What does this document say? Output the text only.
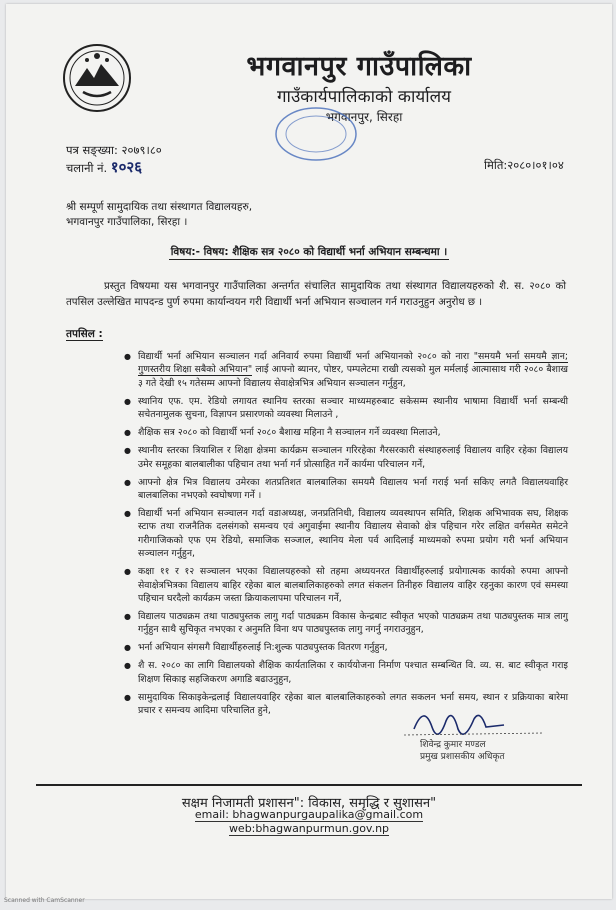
भगवानपुर गाउँपालिका
गाउँकार्यपालिकाको कार्यालय
भगवानपुर, सिरहा
पत्र सङ्ख्या: २०७९।८०
चलानी नं. १०२६	मिति:२०८०।०१।०४
श्री सम्पूर्ण सामुदायिक तथा संस्थागत विद्यालयहरु,
भगवानपुर गाउँपालिका, सिरहा ।
विषय:- विषय: शैक्षिक सत्र २०८० को विद्यार्थी भर्ना अभियान सम्बन्धमा ।
प्रस्तुत विषयमा यस भगवानपुर गाउँपालिका अन्तर्गत संचालित सामुदायिक तथा संस्थागत विद्यालयहरुको शै. स. २०८० को तपसिल उल्लेखित मापदन्ड पुर्ण रुपमा कार्यान्वयन गरी विद्यार्थी भर्ना अभियान सञ्चालन गर्न गराउनुहुन अनुरोध छ ।
तपसिल :
● विद्यार्थी भर्ना अभियान सञ्चालन गर्दा अनिवार्य रुपमा विद्यार्थी भर्ना अभियानको २०८० को नारा "समयमै भर्ना समयमै ज्ञान; गुणस्तरीय शिक्षा सबैको अभियान" लाई आफ्नो ब्यानर, पोष्टर, पम्पलेटमा राखी त्यसको मुल मर्मलाई आत्मासाथ गरी २०८० बैशाख ३ गते देखी १५ गतेसम्म आफ्नो विद्यालय सेवाक्षेत्रभित्र अभियान सञ्चालन गर्नुहुन,
● स्थानिय एफ. एम. रेडियो लगायत स्थानिय स्तरका सञ्चार माध्यमहरुबाट सकेसम्म स्थानीय भाषामा विद्यार्थी भर्ना सम्बन्धी सचेतनामुलक सुचना, विज्ञापन प्रसारणको व्यवस्था मिलाउने ,
● शैक्षिक सत्र २०८० को विद्यार्थी भर्ना २०८० बैशाख महिना नै सञ्चालन गर्ने व्यवस्था मिलाउने,
● स्थानीय स्तरका त्रियाशिल र शिक्षा क्षेत्रमा कार्यक्रम सञ्चालन गरिरहेका गैरसरकारी संस्थाहरुलाई विद्यालय वाहिर रहेका विद्यालय उमेर समूहका बालबालीका पहिचान तथा भर्ना गर्न प्रोत्साहित गर्ने कार्यमा परिचालन गर्ने,
● आफ्नो क्षेत्र भित्र विद्यालय उमेरका शतप्रतिशत बालबालिका समयमै विद्यालय भर्ना गराई भर्ना सकिए लगतै विद्यालयवाहिर बालबालिका नभएको स्वघोषणा गर्ने ।
● विद्यार्थी भर्ना अभियान सञ्चालन गर्दा वडाअध्यक्ष, जनप्रतिनिधी, विद्यालय व्यवस्थापन समिति, शिक्षक अभिभावक सघ, शिक्षक स्टाफ तथा राजनैतिक दलसंगको समन्वय एवं अगुवाईमा स्थानीय विद्यालय सेवाको क्षेत्र पहिचान गरेर लक्षित वर्गसमेत समेटने गरीगाजिकको एफ एम रेडियो, समाजिक सञ्जाल, स्थानिय मेला पर्व आदिलाई माध्यमको रुपमा प्रयोग गरी भर्ना अभियान सञ्चालन गर्नुहुन,
● कक्षा ११ र १२ सञ्चालन भएका विद्यालयहरुको सो तहमा अध्ययनरत विद्यार्थीहरुलाई प्रयोगात्मक कार्यको रुपमा आफ्नो सेवाक्षेत्रभित्रका विद्यालय बाहिर रहेका बाल बालबालिकाहरुको लगत संकलन तिनीहरु विद्यालय वाहिर रहनुका कारण एवं समस्या पहिचान घरदैलो कार्यक्रम जस्ता क्रियाकलापमा परिचालन गर्ने,
● विद्यालय पाठ्यक्रम तथा पाठ्यपुस्तक लागु गर्दा पाठ्यक्रम विकास केन्द्रबाट स्वीकृत भएको पाठ्यक्रम तथा पाठ्यपुस्तक मात्र लागु गर्नुहुन साथै सुचिकृत नभएका र अनुमति विना थप पाठ्यपुस्तक लागु नगर्नु नगराउनुहुन,
● भर्ना अभियान संगसगै विद्यार्थीहरुलाई नि:शुल्क पाठ्यपुस्तक वितरण गर्नुहुन,
● शै स. २०८० का लागि विद्यालयको शैक्षिक कार्यतालिका र कार्ययोजना निर्माण पश्चात सम्बन्धित वि. व्य. स. बाट स्वीकृत गराइ शिक्षण सिकाइ सहजिकरण अगाडि बढाउनुहुन,
● सामुदायिक सिकाइकेन्द्रलाई विद्यालयवाहिर रहेका बाल बालबालिकाहरुको लगत सकलन भर्ना समय, स्थान र प्रक्रियाका बारेमा प्रचार र समन्वय आदिमा परिचालित हुने,
शिवेन्द्र कुमार मण्डल
प्रमुख प्रशासकीय अधिकृत
सक्षम निजामती प्रशासन": विकास, समृद्धि र सुशासन"
email: bhagwanpurgaupalika@gmail.com
web:bhagwanpurmun.gov.np
Scanned with CamScanner
